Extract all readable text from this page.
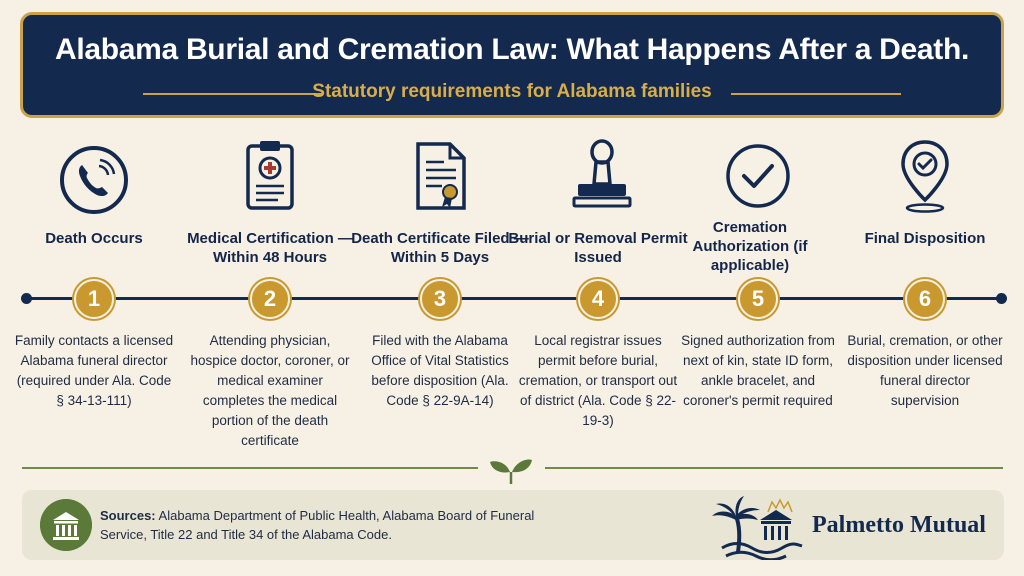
Alabama Burial and Cremation Law: What Happens After a Death.
Statutory requirements for Alabama families
Death Occurs	Medical Certification — Within 48 Hours
Death Certificate Filed — Within 5 Days
Burial or Removal Permit Issued
Cremation Authorization (if applicable)
Final Disposition
1	2	3	4	5	6
Family contacts a licensed Alabama funeral director (required under Ala. Code § 34-13-111)
Attending physician, hospice doctor, coroner, or medical examiner completes the medical portion of the death certificate
Filed with the Alabama Office of Vital Statistics before disposition (Ala. Code § 22-9A-14)
Local registrar issues permit before burial, cremation, or transport out of district (Ala. Code § 22-19-3)
Signed authorization from next of kin, state ID form, ankle bracelet, and coroner's permit required
Burial, cremation, or other disposition under licensed funeral director supervision
Sources: Alabama Department of Public Health, Alabama Board of Funeral Service, Title 22 and Title 34 of the Alabama Code.	Palmetto Mutual
